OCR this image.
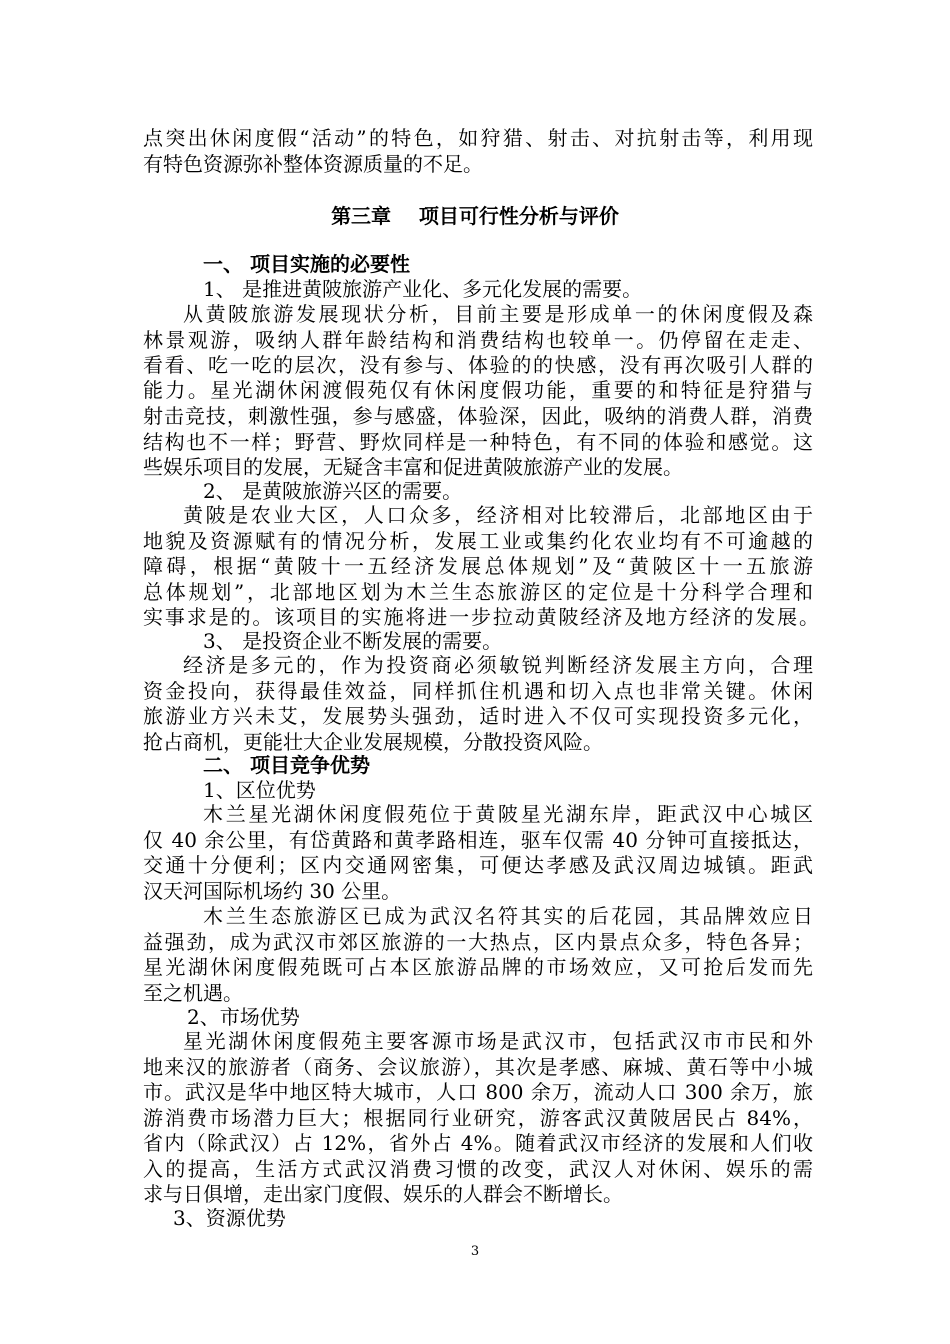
点突出休闲度假“活动”的特色，如狩猎、射击、对抗射击等，利用现
有特色资源弥补整体资源质量的不足。
第三章    项目可行性分析与评价
一、 项目实施的必要性
1、 是推进黄陂旅游产业化、多元化发展的需要。
从黄陂旅游发展现状分析，目前主要是形成单一的休闲度假及森
林景观游，吸纳人群年龄结构和消费结构也较单一。仍停留在走走、
看看、吃一吃的层次，没有参与、体验的的快感，没有再次吸引人群的
能力。星光湖休闲渡假苑仅有休闲度假功能，重要的和特征是狩猎与
射击竞技，刺激性强，参与感盛，体验深，因此，吸纳的消费人群，消费
结构也不一样；野营、野炊同样是一种特色，有不同的体验和感觉。这
些娱乐项目的发展，无疑含丰富和促进黄陂旅游产业的发展。
2、 是黄陂旅游兴区的需要。
黄陂是农业大区，人口众多，经济相对比较滞后，北部地区由于
地貌及资源赋有的情况分析，发展工业或集约化农业均有不可逾越的
障碍，根据“黄陂十一五经济发展总体规划”及“黄陂区十一五旅游
总体规划”，北部地区划为木兰生态旅游区的定位是十分科学合理和
实事求是的。该项目的实施将进一步拉动黄陂经济及地方经济的发展。
3、 是投资企业不断发展的需要。
经济是多元的，作为投资商必须敏锐判断经济发展主方向，合理
资金投向，获得最佳效益，同样抓住机遇和切入点也非常关键。休闲
旅游业方兴未艾，发展势头强劲，适时进入不仅可实现投资多元化，
抢占商机，更能壮大企业发展规模，分散投资风险。
二、 项目竞争优势
1、区位优势
木兰星光湖休闲度假苑位于黄陂星光湖东岸，距武汉中心城区
仅 40 余公里，有岱黄路和黄孝路相连，驱车仅需 40 分钟可直接抵达，
交通十分便利；区内交通网密集，可便达孝感及武汉周边城镇。距武
汉天河国际机场约 30 公里。
木兰生态旅游区已成为武汉名符其实的后花园，其品牌效应日
益强劲，成为武汉市郊区旅游的一大热点，区内景点众多，特色各异；
星光湖休闲度假苑既可占本区旅游品牌的市场效应，又可抢后发而先
至之机遇。
2、市场优势
星光湖休闲度假苑主要客源市场是武汉市，包括武汉市市民和外
地来汉的旅游者（商务、会议旅游），其次是孝感、麻城、黄石等中小城
市。武汉是华中地区特大城市，人口 800 余万，流动人口 300 余万，旅
游消费市场潜力巨大；根据同行业研究，游客武汉黄陂居民占 84%，
省内（除武汉）占 12%，省外占 4%。随着武汉市经济的发展和人们收
入的提高，生活方式武汉消费习惯的改变，武汉人对休闲、娱乐的需
求与日俱增，走出家门度假、娱乐的人群会不断增长。
3、资源优势
3
